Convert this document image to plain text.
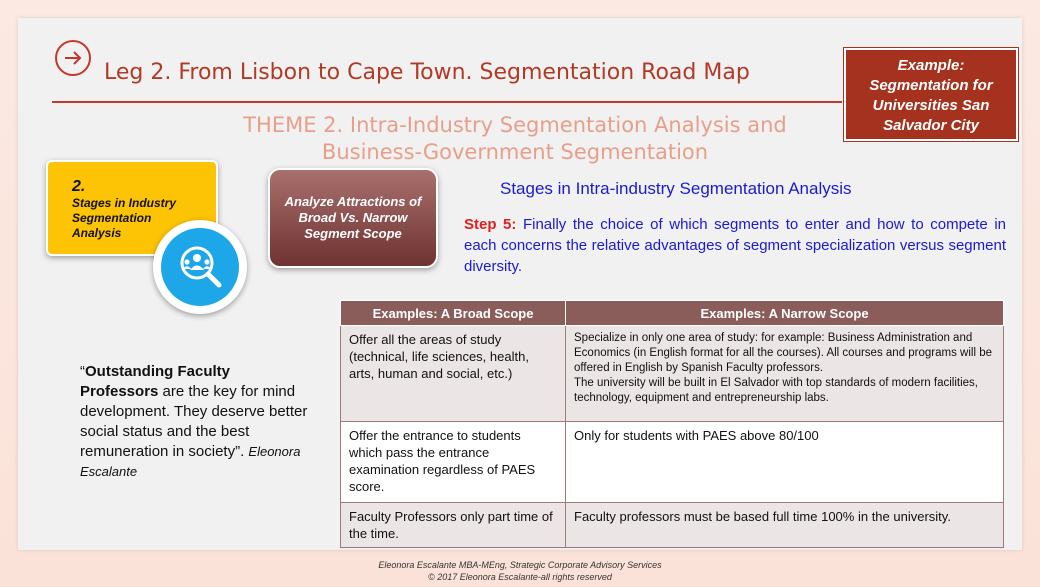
Leg 2. From Lisbon to Cape Town. Segmentation Road Map	Example:
Segmentation for
Universities San
Salvador City
THEME 2. Intra-Industry Segmentation Analysis and
Business-Government Segmentation
2.
Stages in Industry Segmentation Analysis
Analyze Attractions of Broad Vs. Narrow Segment Scope
Stages in Intra-industry Segmentation Analysis
Step 5: Finally the choice of which segments to enter and how to compete in each concerns the relative advantages of segment specialization versus segment diversity.
“Outstanding Faculty Professors are the key for mind development. They deserve better social status and the best remuneration in society”. Eleonora Escalante
Examples: A Broad Scope	Examples: A Narrow Scope

Offer all the areas of study (technical, life sciences, health, arts, human and social, etc.)	Specialize in only one area of study: for example: Business Administration and Economics (in English format for all the courses). All courses and programs will be offered in English by Spanish Faculty professors.
The university will be built in El Salvador with top standards of modern facilities, technology, equipment and entrepreneurship labs.

Offer the entrance to students which pass the entrance examination regardless of PAES score.	Only for students with PAES above 80/100
Faculty Professors only part time of the time.	Faculty professors must be based full time 100% in the university.
Eleonora Escalante MBA-MEng, Strategic Corporate Advisory Services
© 2017 Eleonora Escalante-all rights reserved
